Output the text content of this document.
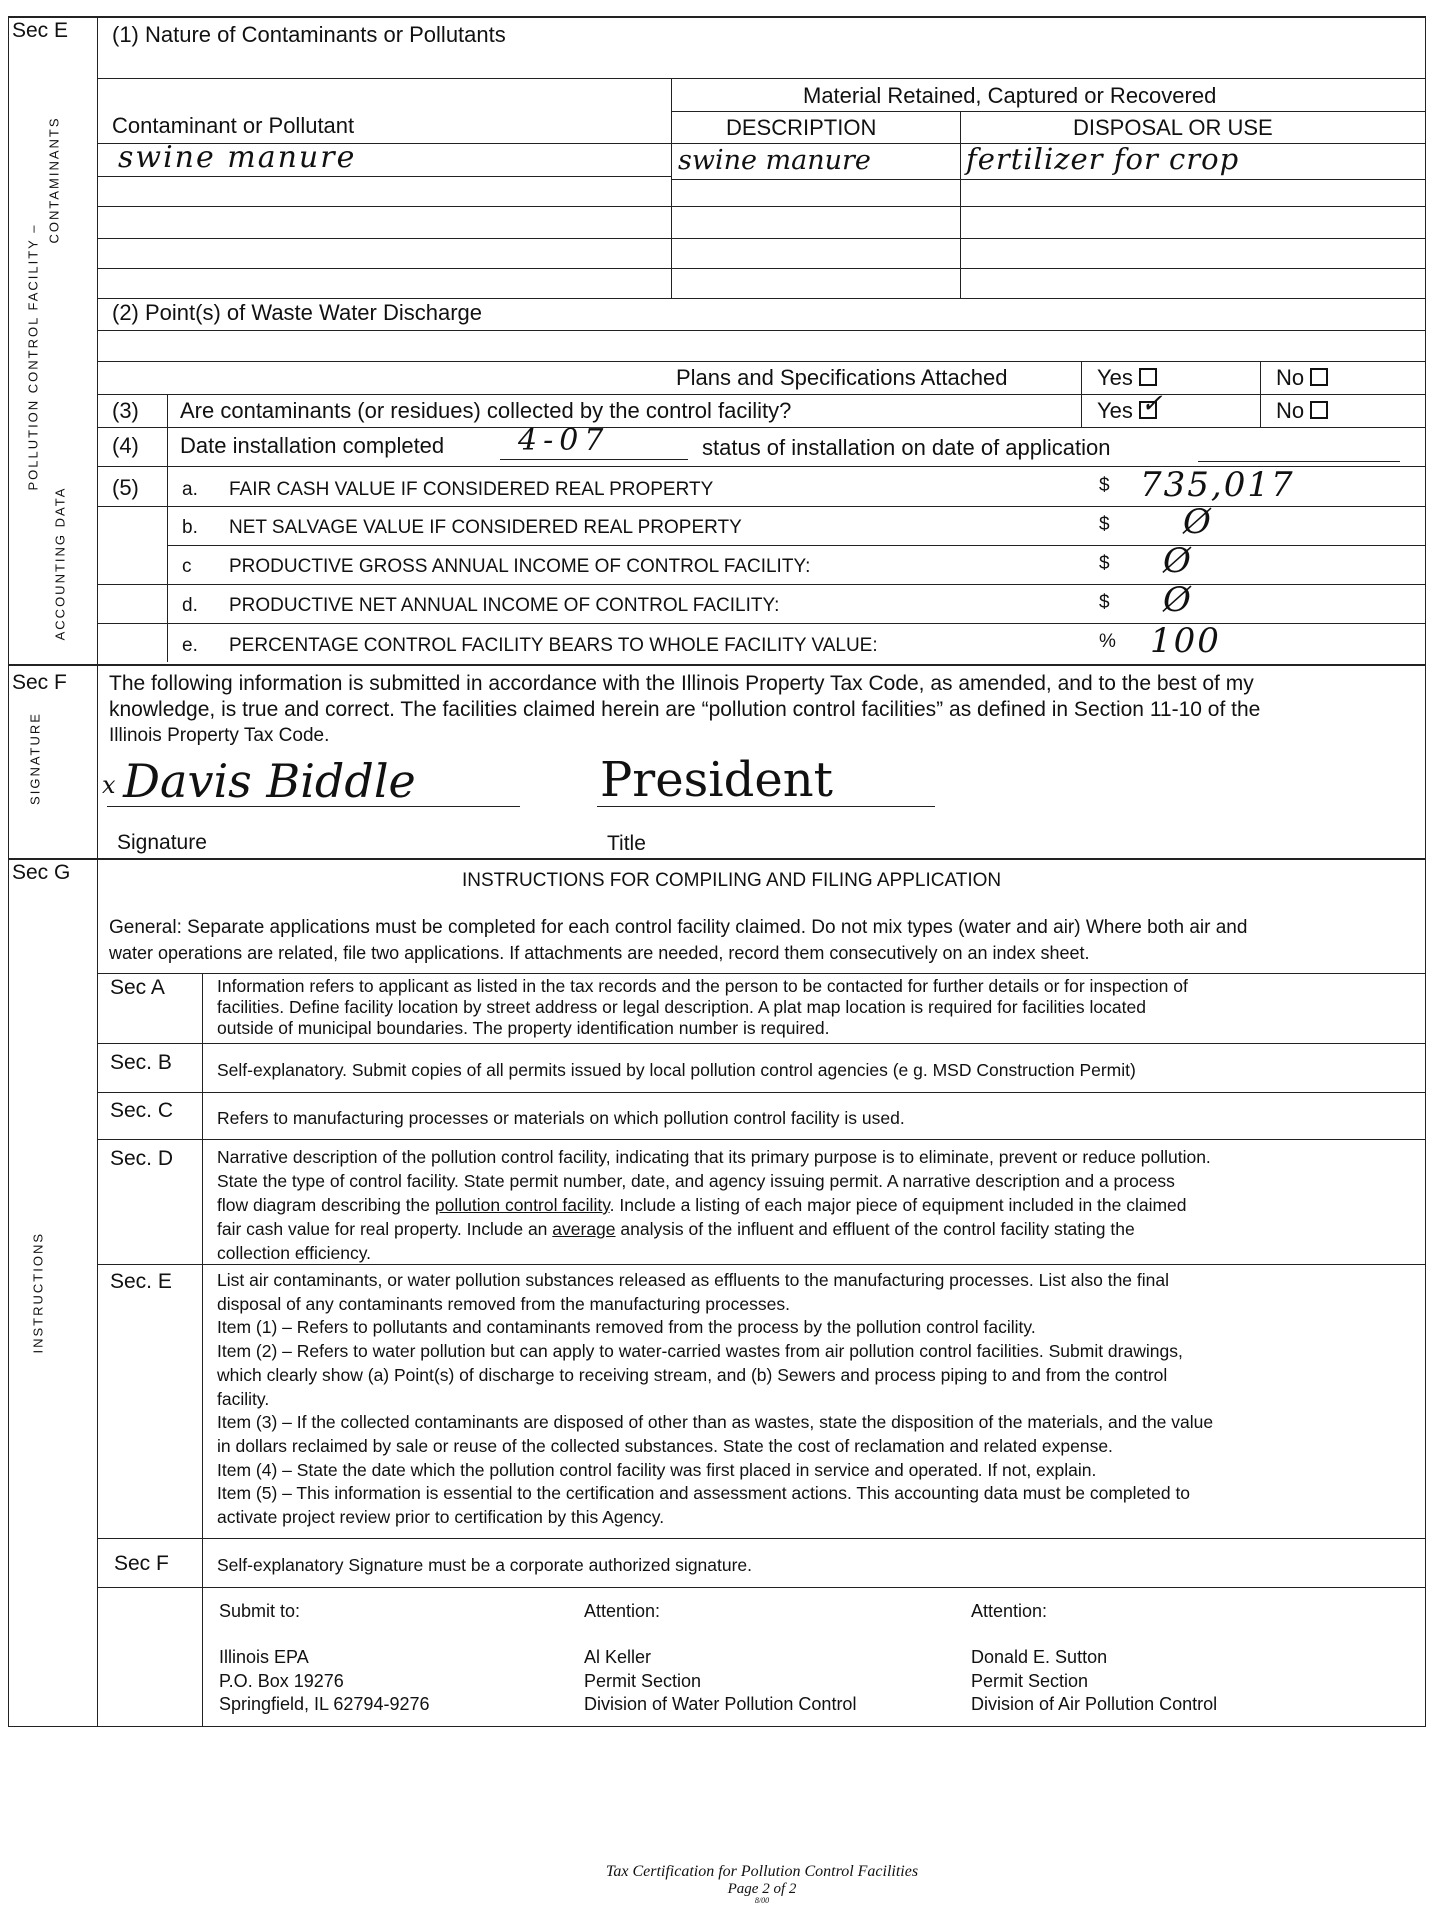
Sec E (1) Nature of Contaminants or Pollutants
POLLUTION CONTROL FACILITY –
CONTAMINANTS
Material Retained, Captured or Recovered
Contaminant or Pollutant	DESCRIPTION	DISPOSAL OR USE
swine manure	swine manure	fertilizer for crop
(2) Point(s) of Waste Water Discharge
Plans and Specifications Attached	Yes	No
(3) Are contaminants (or residues) collected by the control facility?	Yes ✓	No
(4) Date installation completed 4-07	status of installation on date of application
(5)
ACCOUNTING DATA	a. FAIR CASH VALUE IF CONSIDERED REAL PROPERTY	$ 735,017
b. NET SALVAGE VALUE IF CONSIDERED REAL PROPERTY	$ Ø
c PRODUCTIVE GROSS ANNUAL INCOME OF CONTROL FACILITY:	$ Ø
d. PRODUCTIVE NET ANNUAL INCOME OF CONTROL FACILITY:	$ Ø
e. PERCENTAGE CONTROL FACILITY BEARS TO WHOLE FACILITY VALUE:	% 100
Sec F
SIGNATURE
The following information is submitted in accordance with the Illinois Property Tax Code, as amended, and to the best of my
knowledge, is true and correct. The facilities claimed herein are “pollution control facilities” as defined in Section 11-10 of the
Illinois Property Tax Code.
x Davis Biddle	President
Signature	Title
Sec G
INSTRUCTIONS
INSTRUCTIONS FOR COMPILING AND FILING APPLICATION
General: Separate applications must be completed for each control facility claimed. Do not mix types (water and air) Where both air and
water operations are related, file two applications. If attachments are needed, record them consecutively on an index sheet.
Sec A	Information refers to applicant as listed in the tax records and the person to be contacted for further details or for inspection of
facilities. Define facility location by street address or legal description. A plat map location is required for facilities located
outside of municipal boundaries. The property identification number is required.
Sec. B	Self-explanatory. Submit copies of all permits issued by local pollution control agencies (e g. MSD Construction Permit)
Sec. C	Refers to manufacturing processes or materials on which pollution control facility is used.
Sec. D	Narrative description of the pollution control facility, indicating that its primary purpose is to eliminate, prevent or reduce pollution.
State the type of control facility. State permit number, date, and agency issuing permit. A narrative description and a process
flow diagram describing the pollution control facility. Include a listing of each major piece of equipment included in the claimed
fair cash value for real property. Include an average analysis of the influent and effluent of the control facility stating the
collection efficiency.
Sec. E	List air contaminants, or water pollution substances released as effluents to the manufacturing processes. List also the final
disposal of any contaminants removed from the manufacturing processes.
Item (1) – Refers to pollutants and contaminants removed from the process by the pollution control facility.
Item (2) – Refers to water pollution but can apply to water-carried wastes from air pollution control facilities. Submit drawings,
which clearly show (a) Point(s) of discharge to receiving stream, and (b) Sewers and process piping to and from the control
facility.
Item (3) – If the collected contaminants are disposed of other than as wastes, state the disposition of the materials, and the value
in dollars reclaimed by sale or reuse of the collected substances. State the cost of reclamation and related expense.
Item (4) – State the date which the pollution control facility was first placed in service and operated. If not, explain.
Item (5) – This information is essential to the certification and assessment actions. This accounting data must be completed to
activate project review prior to certification by this Agency.
Sec F	Self-explanatory Signature must be a corporate authorized signature.
Submit to:
Illinois EPA
P.O. Box 19276
Springfield, IL 62794-9276
Attention:
Al Keller
Permit Section
Division of Water Pollution Control
Attention:
Donald E. Sutton
Permit Section
Division of Air Pollution Control
Tax Certification for Pollution Control Facilities
Page 2 of 2
8/00
